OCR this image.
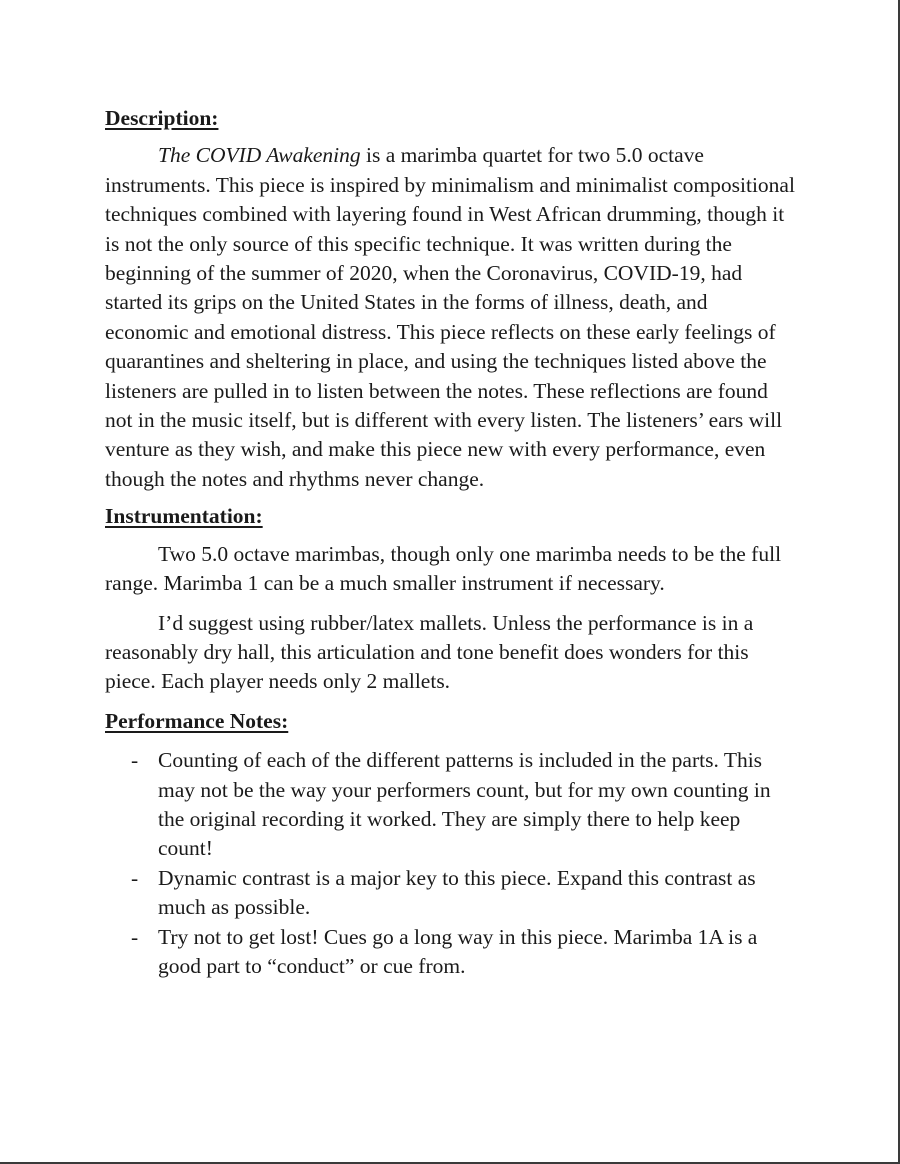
Description:

The COVID Awakening is a marimba quartet for two 5.0 octave instruments. This piece is inspired by minimalism and minimalist compositional techniques combined with layering found in West African drumming, though it is not the only source of this specific technique. It was written during the beginning of the summer of 2020, when the Coronavirus, COVID-19, had started its grips on the United States in the forms of illness, death, and economic and emotional distress. This piece reflects on these early feelings of quarantines and sheltering in place, and using the techniques listed above the listeners are pulled in to listen between the notes. These reflections are found not in the music itself, but is different with every listen. The listeners’ ears will venture as they wish, and make this piece new with every performance, even though the notes and rhythms never change.

Instrumentation:

Two 5.0 octave marimbas, though only one marimba needs to be the full range. Marimba 1 can be a much smaller instrument if necessary.

I’d suggest using rubber/latex mallets. Unless the performance is in a reasonably dry hall, this articulation and tone benefit does wonders for this piece. Each player needs only 2 mallets.

Performance Notes:

- Counting of each of the different patterns is included in the parts. This may not be the way your performers count, but for my own counting in the original recording it worked. They are simply there to help keep count!
- Dynamic contrast is a major key to this piece. Expand this contrast as much as possible.
- Try not to get lost! Cues go a long way in this piece. Marimba 1A is a good part to “conduct” or cue from.
